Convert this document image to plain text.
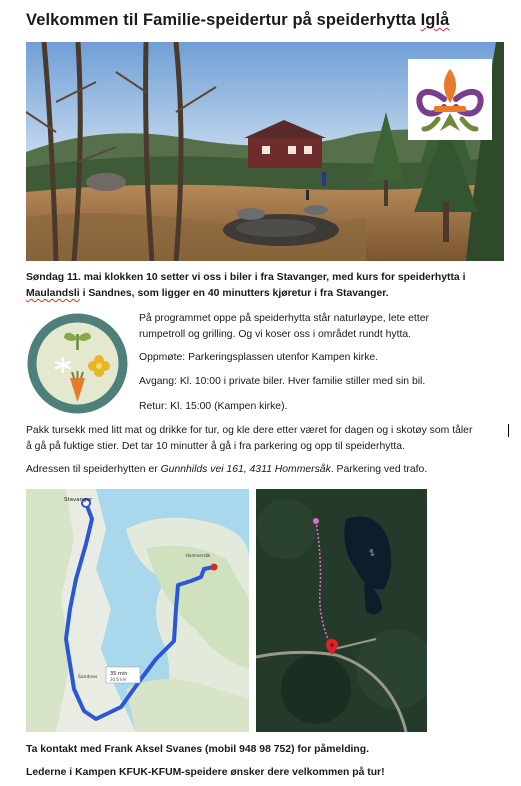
Velkommen til Familie-speidertur på speiderhytta Iglå

Søndag 11. mai klokken 10 setter vi oss i biler i fra Stavanger, med kurs for speiderhytta i
Maulandsli i Sandnes, som ligger en 40 minutters kjøretur i fra Stavanger.

På programmet oppe på speiderhytta står naturløype, lete etter
rumpetroll og grilling. Og vi koser oss i området rundt hytta.

Oppmøte: Parkeringsplassen utenfor Kampen kirke.

Avgang: Kl. 10:00 i private biler. Hver familie stiller med sin bil.

Retur: Kl. 15:00 (Kampen kirke).

Pakk tursekk med litt mat og drikke for tur, og kle dere etter været for dagen og i skotøy som tåler
å gå på fuktige stier. Det tar 10 minutter å gå i fra parkering og opp til speiderhytta.

Adressen til speiderhytten er Gunnhilds vei 161, 4311 Hommersåk. Parkering ved trafo.

35 min
30,6 km
Stavanger
Sandnes
Hommersåk	Iglå

Ta kontakt med Frank Aksel Svanes (mobil 948 98 752) for påmelding.

Lederne i Kampen KFUK-KFUM-speidere ønsker dere velkommen på tur!
